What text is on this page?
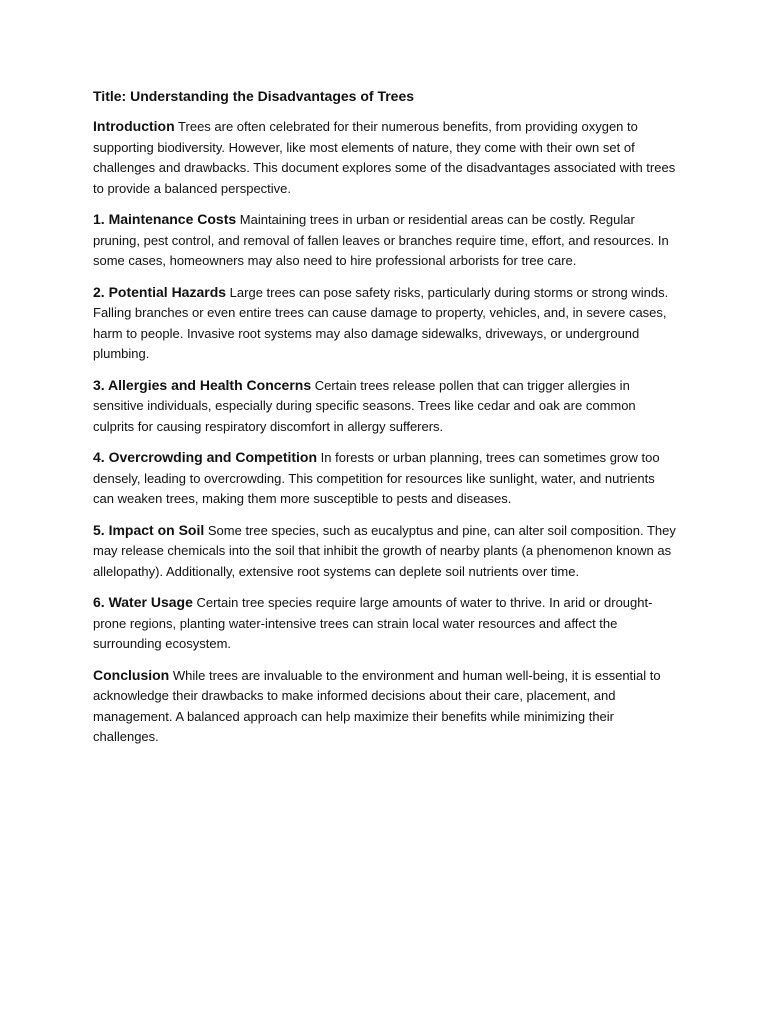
Title: Understanding the Disadvantages of Trees

Introduction Trees are often celebrated for their numerous benefits, from providing oxygen to supporting biodiversity. However, like most elements of nature, they come with their own set of challenges and drawbacks. This document explores some of the disadvantages associated with trees to provide a balanced perspective.

1. Maintenance Costs Maintaining trees in urban or residential areas can be costly. Regular pruning, pest control, and removal of fallen leaves or branches require time, effort, and resources. In some cases, homeowners may also need to hire professional arborists for tree care.

2. Potential Hazards Large trees can pose safety risks, particularly during storms or strong winds. Falling branches or even entire trees can cause damage to property, vehicles, and, in severe cases, harm to people. Invasive root systems may also damage sidewalks, driveways, or underground plumbing.

3. Allergies and Health Concerns Certain trees release pollen that can trigger allergies in sensitive individuals, especially during specific seasons. Trees like cedar and oak are common culprits for causing respiratory discomfort in allergy sufferers.

4. Overcrowding and Competition In forests or urban planning, trees can sometimes grow too densely, leading to overcrowding. This competition for resources like sunlight, water, and nutrients can weaken trees, making them more susceptible to pests and diseases.

5. Impact on Soil Some tree species, such as eucalyptus and pine, can alter soil composition. They may release chemicals into the soil that inhibit the growth of nearby plants (a phenomenon known as allelopathy). Additionally, extensive root systems can deplete soil nutrients over time.

6. Water Usage Certain tree species require large amounts of water to thrive. In arid or drought-prone regions, planting water-intensive trees can strain local water resources and affect the surrounding ecosystem.

Conclusion While trees are invaluable to the environment and human well-being, it is essential to acknowledge their drawbacks to make informed decisions about their care, placement, and management. A balanced approach can help maximize their benefits while minimizing their challenges.
